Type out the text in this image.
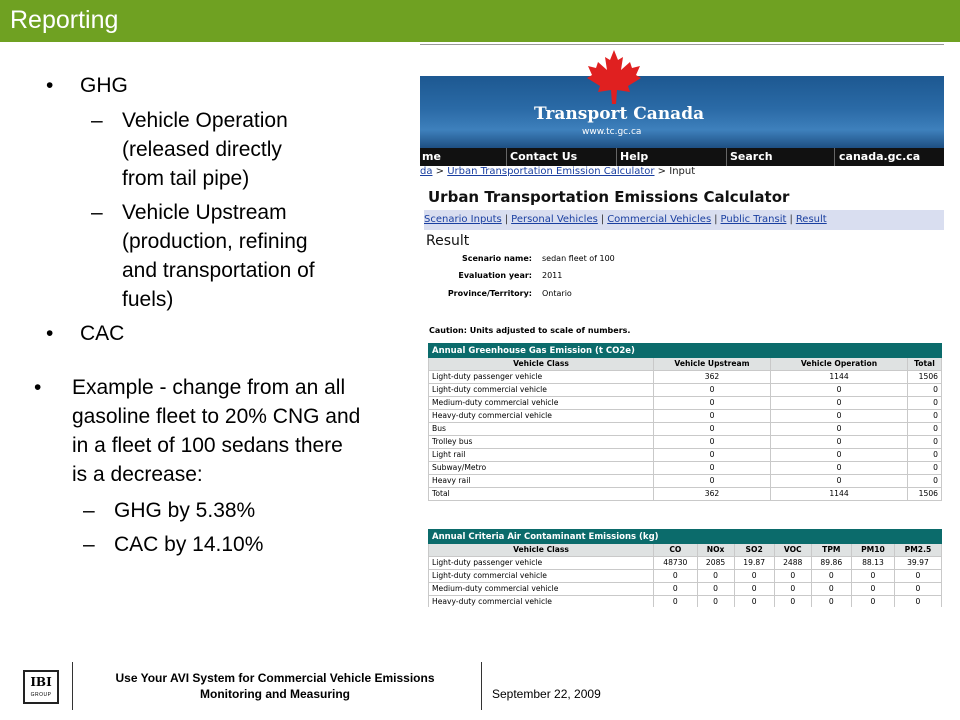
Reporting
• GHG
– Vehicle Operation
(released directly
from tail pipe)
– Vehicle Upstream
(production, refining
and transportation of
fuels)
• CAC
• Example - change from an all
gasoline fleet to 20% CNG and
in a fleet of 100 sedans there
is a decrease:
– GHG by 5.38%
– CAC by 14.10%
Transport Canada
www.tc.gc.ca
me	Contact Us	Help	Search	canada.gc.ca
da > Urban Transportation Emission Calculator > Input
Urban Transportation Emissions Calculator
Scenario Inputs | Personal Vehicles | Commercial Vehicles | Public Transit | Result
Result
Scenario name: sedan fleet of 100
Evaluation year: 2011
Province/Territory: Ontario
Caution: Units adjusted to scale of numbers.
Annual Greenhouse Gas Emission (t CO2e)			
Vehicle Class	Vehicle Upstream	Vehicle Operation	Total
Light-duty passenger vehicle	362	1144	1506
Light-duty commercial vehicle	0	0	0
Medium-duty commercial vehicle	0	0	0
Heavy-duty commercial vehicle	0	0	0
Bus	0	0	0
Trolley bus	0	0	0
Light rail	0	0	0
Subway/Metro	0	0	0
Heavy rail	0	0	0
Total	362	1144	1506
Annual Criteria Air Contaminant Emissions (kg)							
Vehicle Class	CO	NOx	SO2	VOC	TPM	PM10	PM2.5
Light-duty passenger vehicle	48730	2085	19.87	2488	89.86	88.13	39.97
Light-duty commercial vehicle	0	0	0	0	0	0	0
Medium-duty commercial vehicle	0	0	0	0	0	0	0
Heavy-duty commercial vehicle	0	0	0	0	0	0	0
IBI
GROUP
Use Your AVI System for Commercial Vehicle Emissions
Monitoring and Measuring	September 22, 2009
